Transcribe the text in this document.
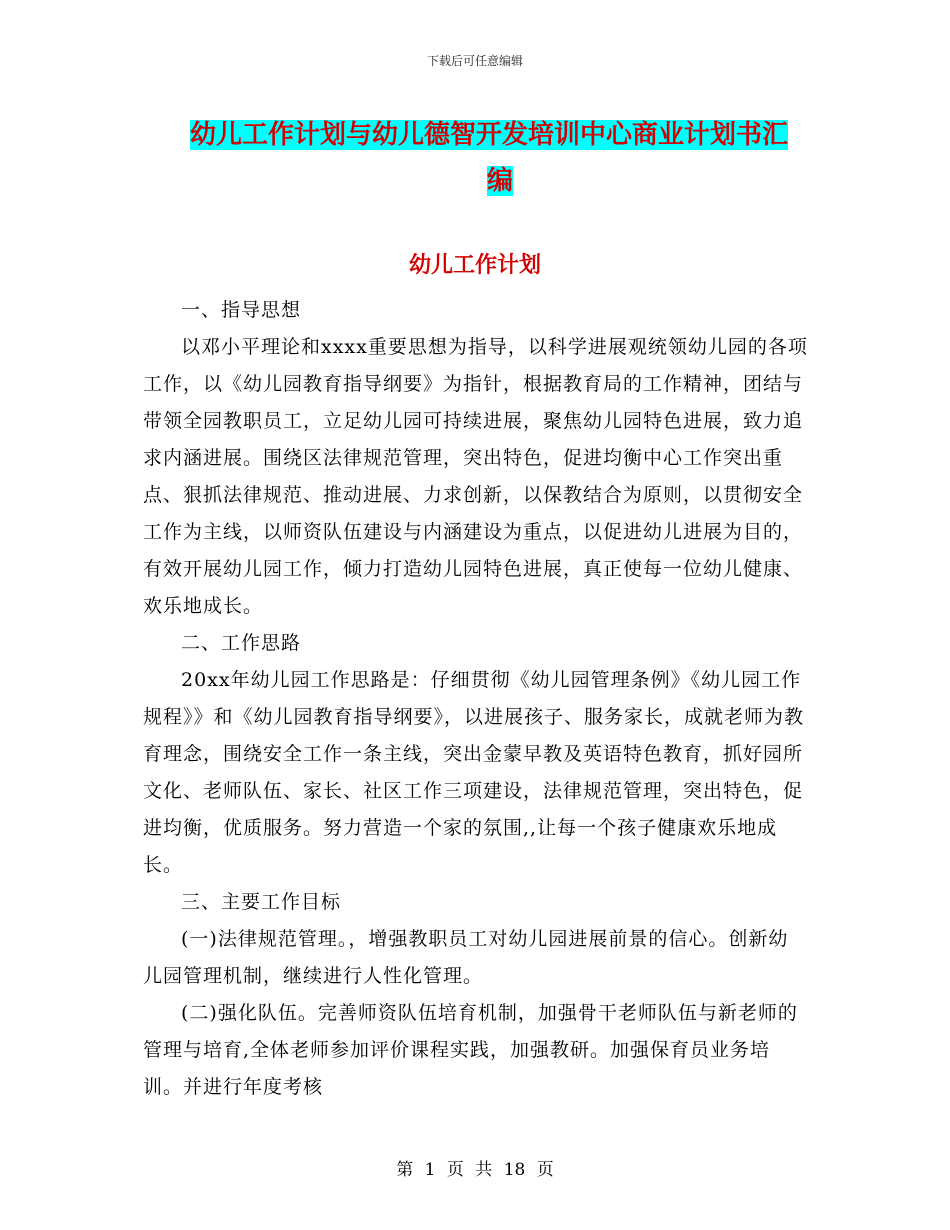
下载后可任意编辑
幼儿工作计划与幼儿德智开发培训中心商业计划书汇
编
幼儿工作计划

一、指导思想

以邓小平理论和xxxx重要思想为指导，以科学进展观统领幼儿园的各项工作，以《幼儿园教育指导纲要》为指针，根据教育局的工作精神，团结与带领全园教职员工，立足幼儿园可持续进展，聚焦幼儿园特色进展，致力追求内涵进展。围绕区法律规范管理，突出特色，促进均衡中心工作突出重点、狠抓法律规范、推动进展、力求创新，以保教结合为原则，以贯彻安全工作为主线，以师资队伍建设与内涵建设为重点，以促进幼儿进展为目的，有效开展幼儿园工作，倾力打造幼儿园特色进展，真正使每一位幼儿健康、欢乐地成长。

二、工作思路

20xx年幼儿园工作思路是：仔细贯彻《幼儿园管理条例》《幼儿园工作规程》》和《幼儿园教育指导纲要》，以进展孩子、服务家长，成就老师为教育理念，围绕安全工作一条主线，突出金蒙早教及英语特色教育，抓好园所文化、老师队伍、家长、社区工作三项建设，法律规范管理，突出特色，促进均衡，优质服务。努力营造一个家的氛围,,让每一个孩子健康欢乐地成长。

三、主要工作目标

(一)法律规范管理。，增强教职员工对幼儿园进展前景的信心。创新幼儿园管理机制，继续进行人性化管理。

(二)强化队伍。完善师资队伍培育机制，加强骨干老师队伍与新老师的管理与培育,全体老师参加评价课程实践，加强教研。加强保育员业务培训。并进行年度考核

第 1 页 共 18 页
